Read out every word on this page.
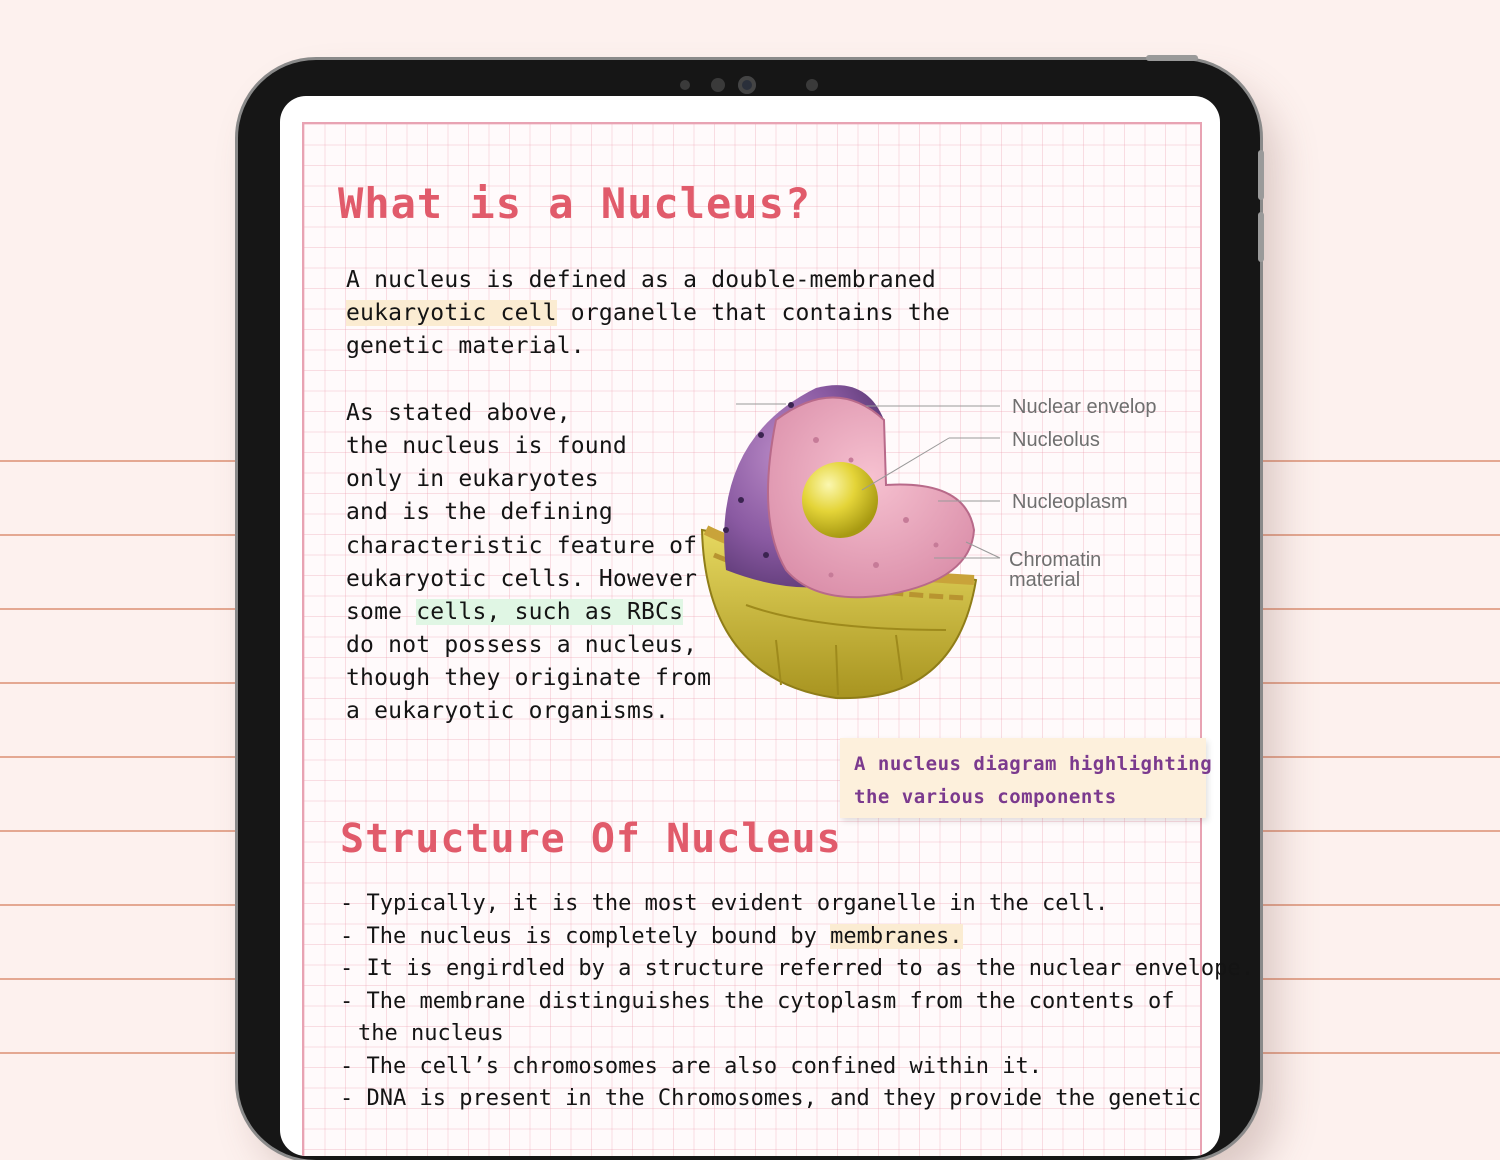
What is a Nucleus?

A nucleus is defined as a double-membraned

eukaryotic cell organelle that contains the

genetic material.

As stated above,

the nucleus is found

only in eukaryotes

and is the defining

characteristic feature of

eukaryotic cells. However

some cells, such as RBCs

do not possess a nucleus,

though they originate from

a eukaryotic organisms.

Nuclear envelop

Nucleolus

Nucleoplasm

Chromatin

material

A nucleus diagram highlighting
the various components

Structure Of Nucleus
- Typically, it is the most evident organelle in the cell.
- The nucleus is completely bound by membranes.
- It is engirdled by a structure referred to as the nuclear envelope.
- The membrane distinguishes the cytoplasm from the contents of
the nucleus
- The cell’s chromosomes are also confined within it.
- DNA is present in the Chromosomes, and they provide the genetic
